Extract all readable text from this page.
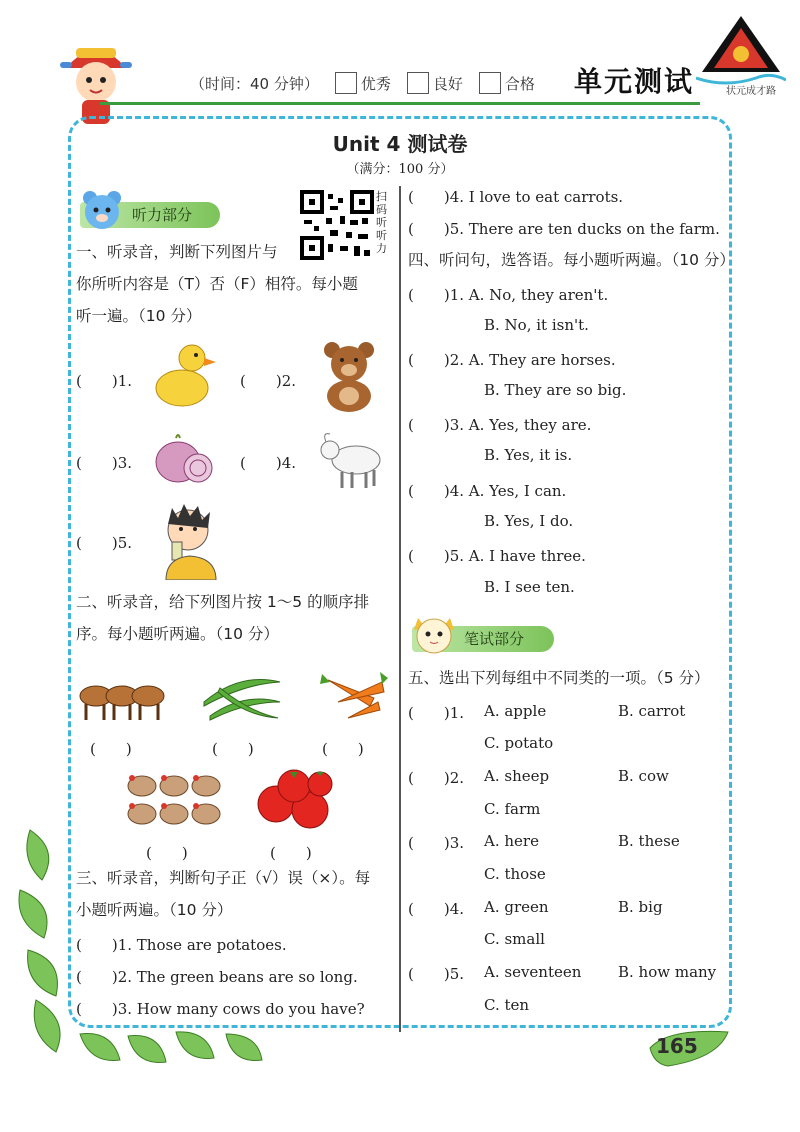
（时间：40 分钟）	优秀	良好	合格 单元测试	状元成才路
Unit 4 测试卷
（满分：100 分）
听力部分
扫码听听力
一、听录音，判断下列图片与
你所听内容是（T）否（F）相符。每小题
听一遍。（10 分）
(　　)1.	(　　)2.
(　　)3.	(　　)4.
(　　)5.
二、听录音，给下列图片按 1～5 的顺序排
序。每小题听两遍。（10 分）
(　　)	(　　)	(　　)
(　　)	(　　)
三、听录音，判断句子正（√）误（×）。每
小题听两遍。（10 分）
(　　)1. Those are potatoes.
(　　)2. The green beans are so long.
(　　)3. How many cows do you have?
(　　)4. I love to eat carrots.
(　　)5. There are ten ducks on the farm.
四、听问句，选答语。每小题听两遍。（10 分）
(　　)1. A. No, they aren't.
B. No, it isn't.
(　　)2. A. They are horses.
B. They are so big.
(　　)3. A. Yes, they are.
B. Yes, it is.
(　　)4. A. Yes, I can.
B. Yes, I do.
(　　)5. A. I have three.
B. I see ten.
笔试部分
五、选出下列每组中不同类的一项。（5 分）
(　　)1. A. apple	B. carrot
C. potato
(　　)2. A. sheep	B. cow
C. farm
(　　)3. A. here	B. these
C. those
(　　)4. A. green	B. big
C. small
(　　)5. A. seventeen B. how many
C. ten
165
